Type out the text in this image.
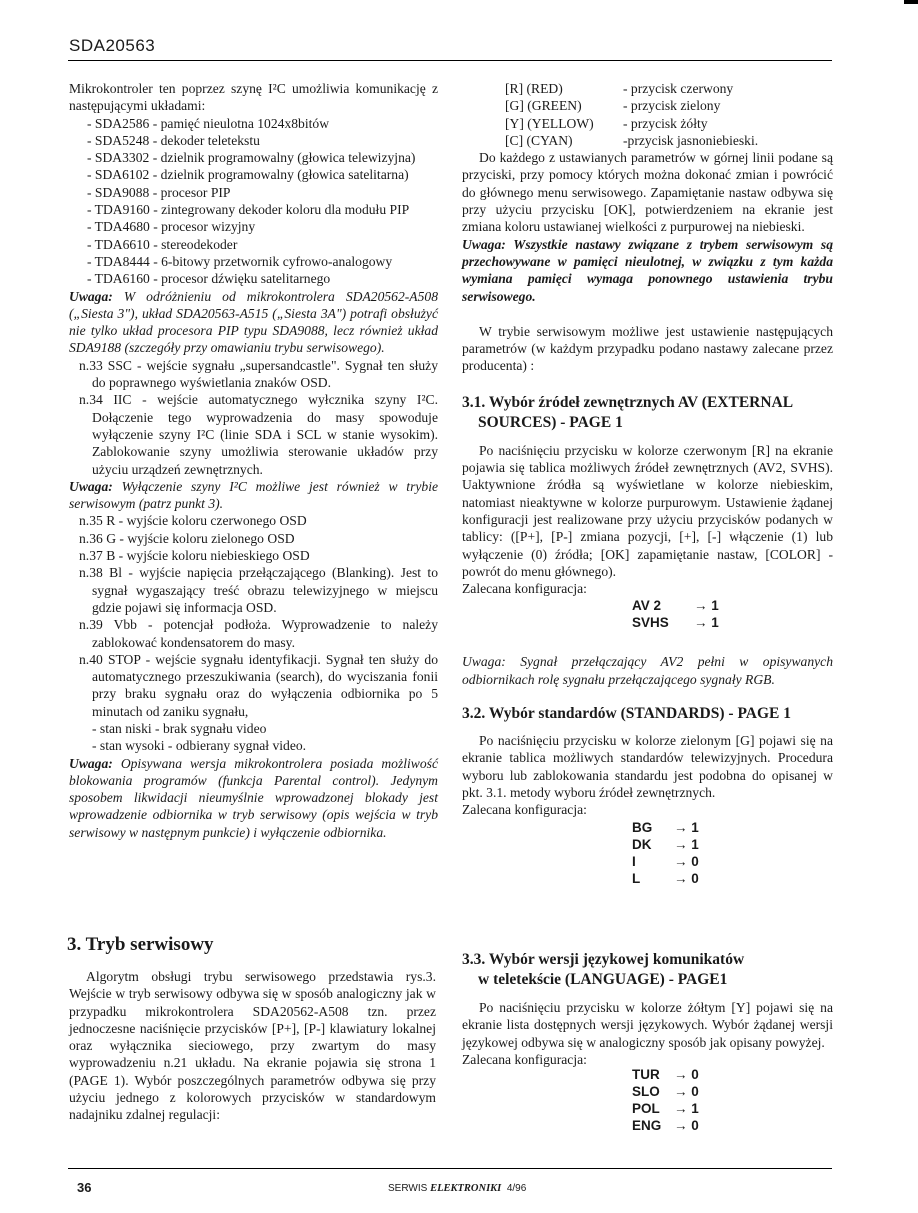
SDA20563

Mikrokontroler ten poprzez szynę I²C umożliwia komunikację z następującymi układami:

- SDA2586 - pamięć nieulotna 1024x8bitów

- SDA5248 - dekoder teletekstu

- SDA3302 - dzielnik programowalny (głowica telewizyjna)

- SDA6102 - dzielnik programowalny (głowica satelitarna)

- SDA9088 - procesor PIP

- TDA9160 - zintegrowany dekoder koloru dla modułu PIP

- TDA4680 - procesor wizyjny

- TDA6610 - stereodekoder

- TDA8444 - 6-bitowy przetwornik cyfrowo-analogowy

- TDA6160 - procesor dźwięku satelitarnego

Uwaga: W odróżnieniu od mikrokontrolera SDA20562-A508 („Siesta 3"), układ SDA20563-A515 („Siesta 3A") potrafi obsłużyć nie tylko układ procesora PIP typu SDA9088, lecz również układ SDA9188 (szczegóły przy omawianiu trybu serwisowego).

n.33 SSC - wejście sygnału „supersandcastle". Sygnał ten służy do poprawnego wyświetlania znaków OSD.

n.34 IIC - wejście automatycznego wyłcznika szyny I²C. Dołączenie tego wyprowadzenia do masy spowoduje wyłączenie szyny I²C (linie SDA i SCL w stanie wysokim). Zablokowanie szyny umożliwia sterowanie układów przy użyciu urządzeń zewnętrznych.

Uwaga: Wyłączenie szyny I²C możliwe jest również w trybie serwisowym (patrz punkt 3).

n.35 R - wyjście koloru czerwonego OSD

n.36 G - wyjście koloru zielonego OSD

n.37 B - wyjście koloru niebieskiego OSD

n.38 Bl - wyjście napięcia przełączającego (Blanking). Jest to sygnał wygaszający treść obrazu telewizyjnego w miejscu gdzie pojawi się informacja OSD.

n.39 Vbb - potencjał podłoża. Wyprowadzenie to należy zablokować kondensatorem do masy.

n.40 STOP - wejście sygnału identyfikacji. Sygnał ten służy do automatycznego przeszukiwania (search), do wyciszania fonii przy braku sygnału oraz do wyłączenia odbiornika po 5 minutach od zaniku sygnału,

- stan niski - brak sygnału video

- stan wysoki - odbierany sygnał video.

Uwaga: Opisywana wersja mikrokontrolera posiada możliwość blokowania programów (funkcja Parental control). Jedynym sposobem likwidacji nieumyślnie wprowadzonej blokady jest wprowadzenie odbiornika w tryb serwisowy (opis wejścia w tryb serwisowy w następnym punkcie) i wyłączenie odbiornika.

3. Tryb serwisowy

Algorytm obsługi trybu serwisowego przedstawia rys.3. Wejście w tryb serwisowy odbywa się w sposób analogiczny jak w przypadku mikrokontrolera SDA20562-A508 tzn. przez jednoczesne naciśnięcie przycisków [P+], [P-] klawiatury lokalnej oraz wyłącznika sieciowego, przy zwartym do masy wyprowadzeniu n.21 układu. Na ekranie pojawia się strona 1 (PAGE 1). Wybór poszczególnych parametrów odbywa się przy użyciu jednego z kolorowych przycisków w standardowym nadajniku zdalnej regulacji:

[R] (RED)	- przycisk czerwony
[G] (GREEN)	- przycisk zielony
[Y] (YELLOW) - przycisk żółty
[C] (CYAN)	-przycisk jasnoniebieski.

Do każdego z ustawianych parametrów w górnej linii podane są przyciski, przy pomocy których można dokonać zmian i powrócić do głównego menu serwisowego. Zapamiętanie nastaw odbywa się przy użyciu przycisku [OK], potwierdzeniem na ekranie jest zmiana koloru ustawianej wielkości z purpurowej na niebieski.

Uwaga: Wszystkie nastawy związane z trybem serwisowym są przechowywane w pamięci nieulotnej, w związku z tym każda wymiana pamięci wymaga ponownego ustawienia trybu serwisowego.

W trybie serwisowym możliwe jest ustawienie następujących parametrów (w każdym przypadku podano nastawy zalecane przez producenta) :

3.1. Wybór źródeł zewnętrznych AV (EXTERNAL
SOURCES) - PAGE 1

Po naciśnięciu przycisku w kolorze czerwonym [R] na ekranie pojawia się tablica możliwych źródeł zewnętrznych (AV2, SVHS). Uaktywnione źródła są wyświetlane w kolorze niebieskim, natomiast nieaktywne w kolorze purpurowym. Ustawienie żądanej konfiguracji jest realizowane przy użyciu przycisków podanych w tablicy: ([P+], [P-] zmiana pozycji, [+], [-] włączenie (1) lub wyłączenie (0) źródła; [OK] zapamiętanie nastaw, [COLOR] - powrót do menu głównego).

Zalecana konfiguracja:

AV 2 → 1
SVHS → 1

Uwaga: Sygnał przełączający AV2 pełni w opisywanych odbiornikach rolę sygnału przełączającego sygnały RGB.

3.2. Wybór standardów (STANDARDS) - PAGE 1

Po naciśnięciu przycisku w kolorze zielonym [G] pojawi się na ekranie tablica możliwych standardów telewizyjnych. Procedura wyboru lub zablokowania standardu jest podobna do opisanej w pkt. 3.1. metody wyboru źródeł zewnętrznych.

Zalecana konfiguracja:

BG → 1
DK → 1
I	→ 0
L	→ 0

3.3. Wybór wersji językowej komunikatów
w teletekście (LANGUAGE) - PAGE1

Po naciśnięciu przycisku w kolorze żółtym [Y] pojawi się na ekranie lista dostępnych wersji językowych. Wybór żądanej wersji językowej odbywa się w analogiczny sposób jak opisany powyżej.

Zalecana konfiguracja:

TUR → 0
SLO → 0
POL → 1
ENG → 0
36	SERWIS ELEKTRONIKI 4/96
